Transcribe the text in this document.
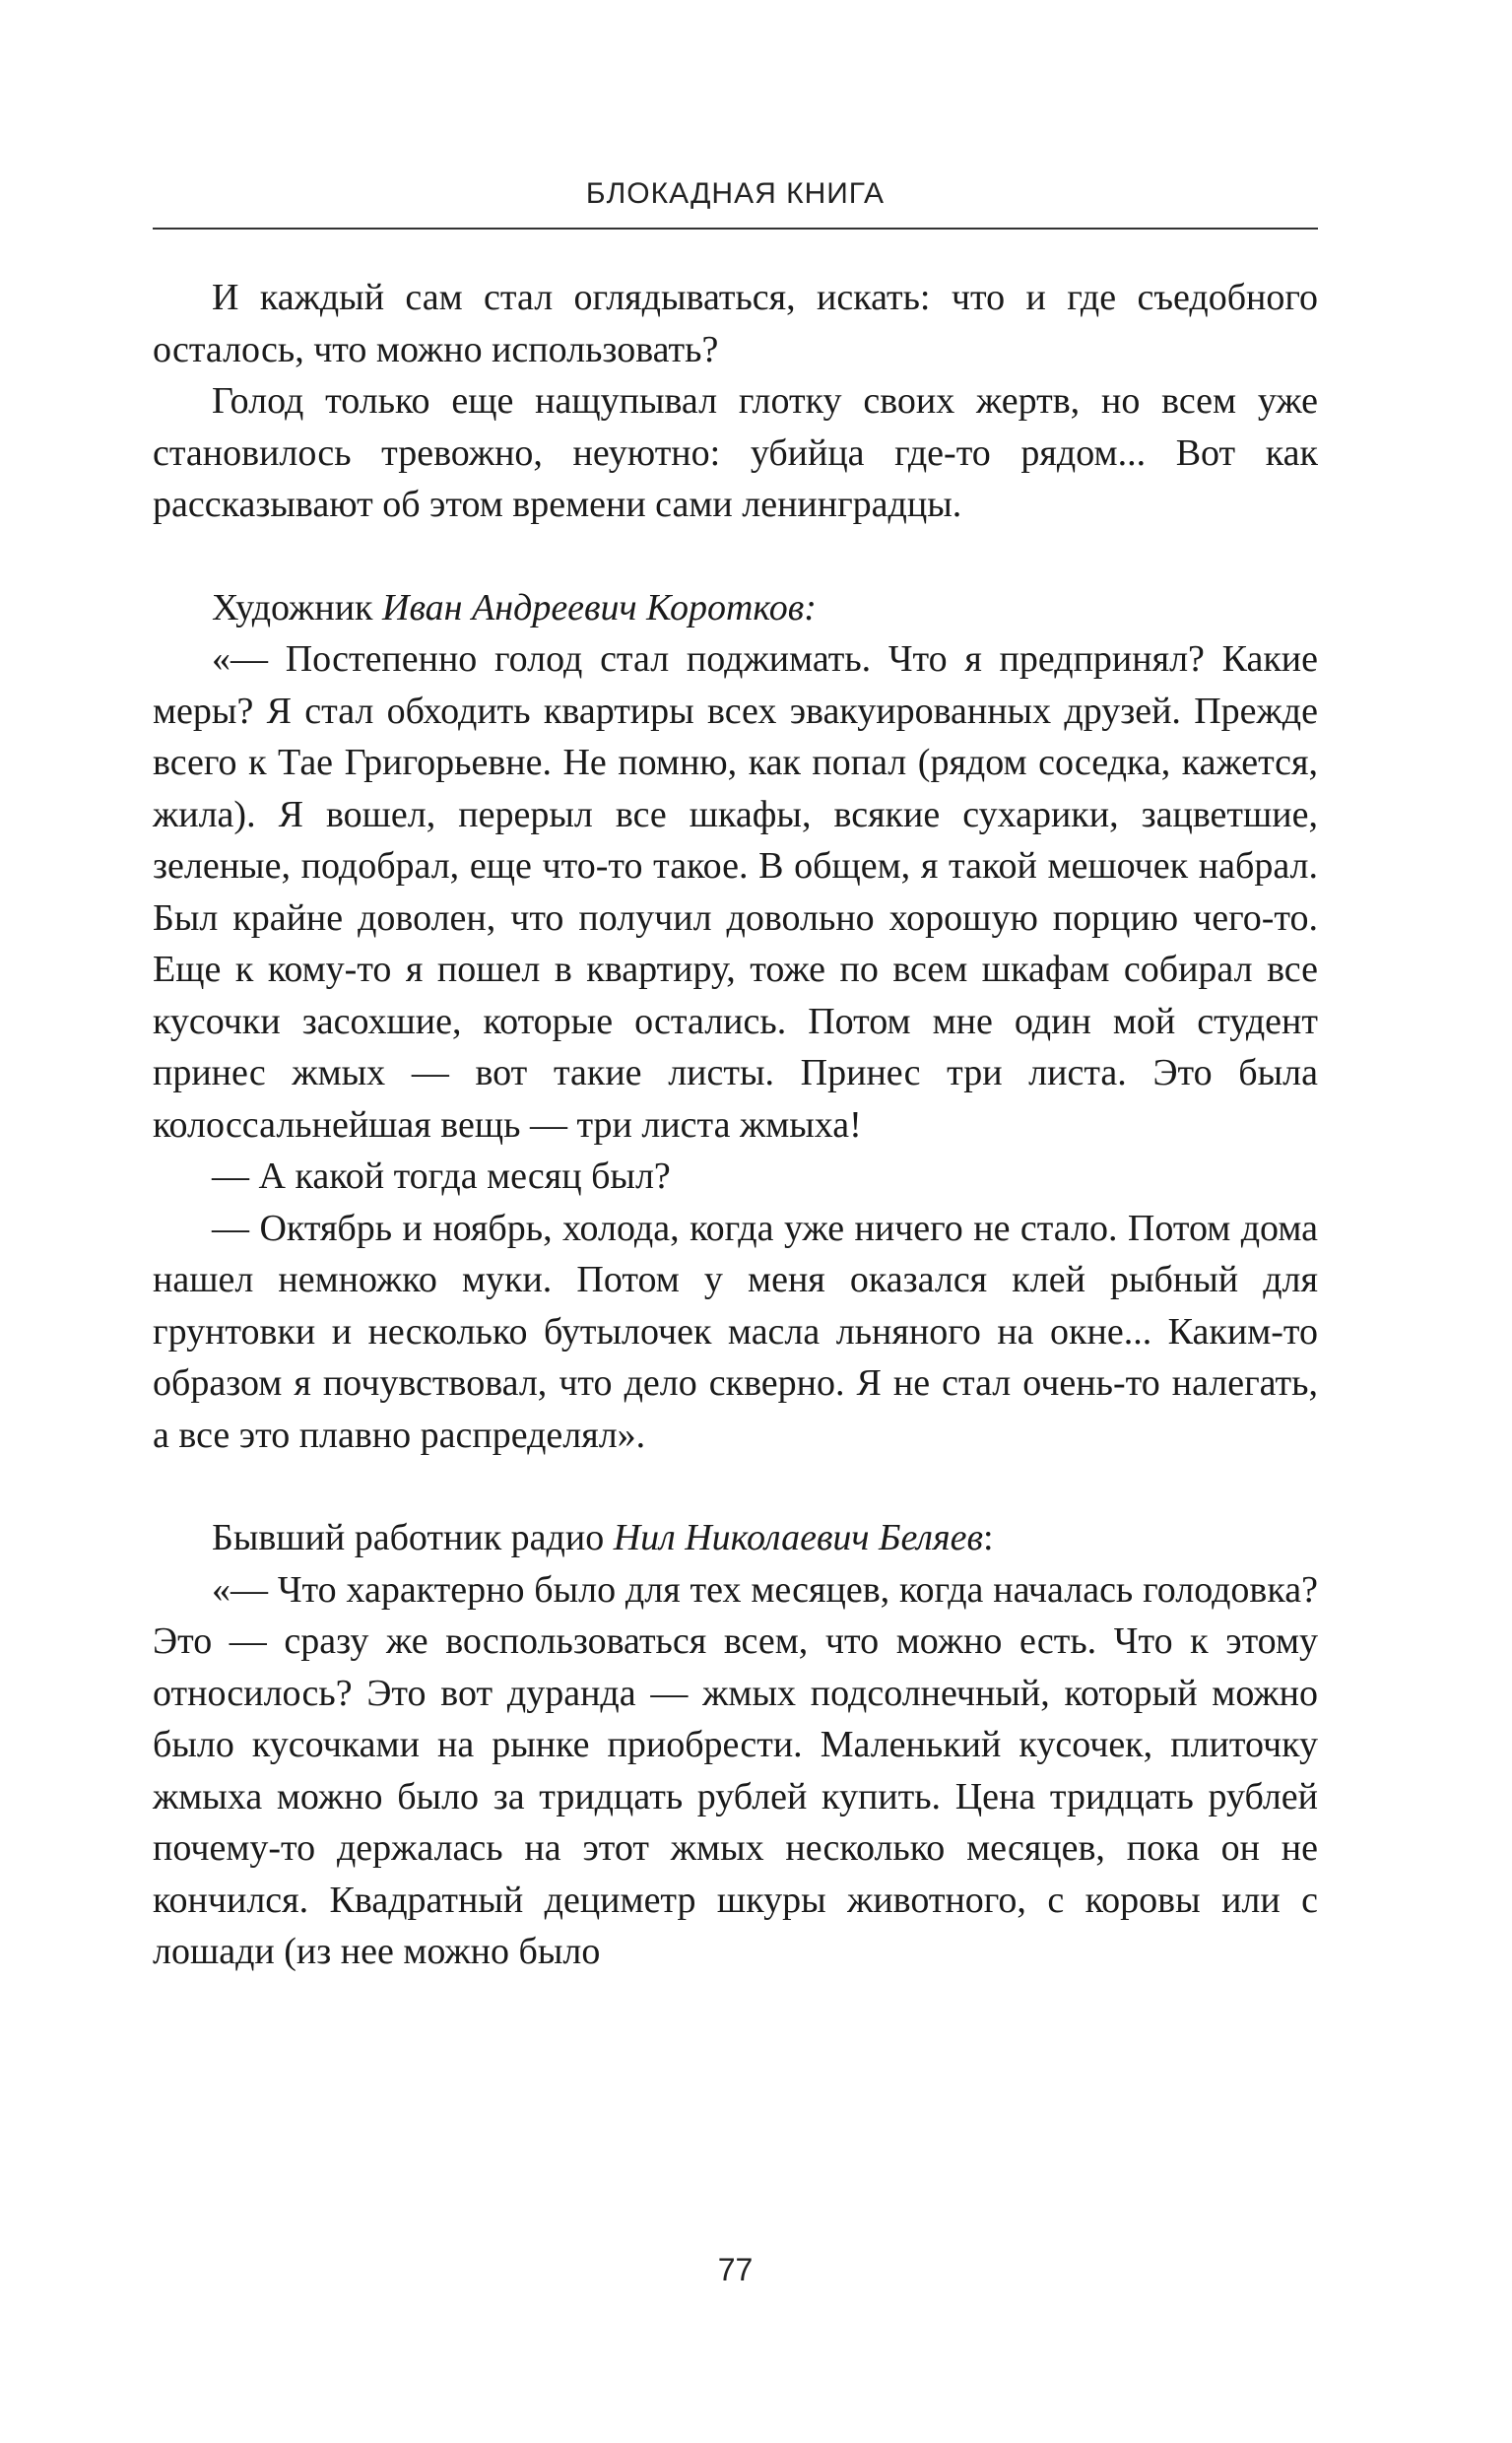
БЛОКАДНАЯ КНИГА

И каждый сам стал оглядываться, искать: что и где съедобного осталось, что можно использовать?

Голод только еще нащупывал глотку своих жертв, но всем уже становилось тревожно, неуютно: убийца где-то рядом... Вот как рассказывают об этом времени сами ленинградцы.

Художник Иван Андреевич Коротков:

«— Постепенно голод стал поджимать. Что я предпринял? Какие меры? Я стал обходить квартиры всех эвакуированных друзей. Прежде всего к Тае Григорьевне. Не помню, как попал (рядом соседка, кажется, жила). Я вошел, перерыл все шкафы, всякие сухарики, зацветшие, зеленые, подобрал, еще что-то такое. В общем, я такой мешочек набрал. Был крайне доволен, что получил довольно хорошую порцию чего-то. Еще к кому-то я пошел в квартиру, тоже по всем шкафам собирал все кусочки засохшие, которые остались. Потом мне один мой студент принес жмых — вот такие листы. Принес три листа. Это была колоссальнейшая вещь — три листа жмыха!

— А какой тогда месяц был?

— Октябрь и ноябрь, холода, когда уже ничего не стало. Потом дома нашел немножко муки. Потом у меня оказался клей рыбный для грунтовки и несколько бутылочек масла льняного на окне... Каким-то образом я почувствовал, что дело скверно. Я не стал очень-то налегать, а все это плавно распределял».

Бывший работник радио Нил Николаевич Беляев:

«— Что характерно было для тех месяцев, когда началась голодовка? Это — сразу же воспользоваться всем, что можно есть. Что к этому относилось? Это вот дуранда — жмых подсолнечный, который можно было кусочками на рынке приобрести. Маленький кусочек, плиточку жмыха можно было за тридцать рублей купить. Цена тридцать рублей почему-то держалась на этот жмых несколько месяцев, пока он не кончился. Квадратный дециметр шкуры животного, с коровы или с лошади (из нее можно было

77
